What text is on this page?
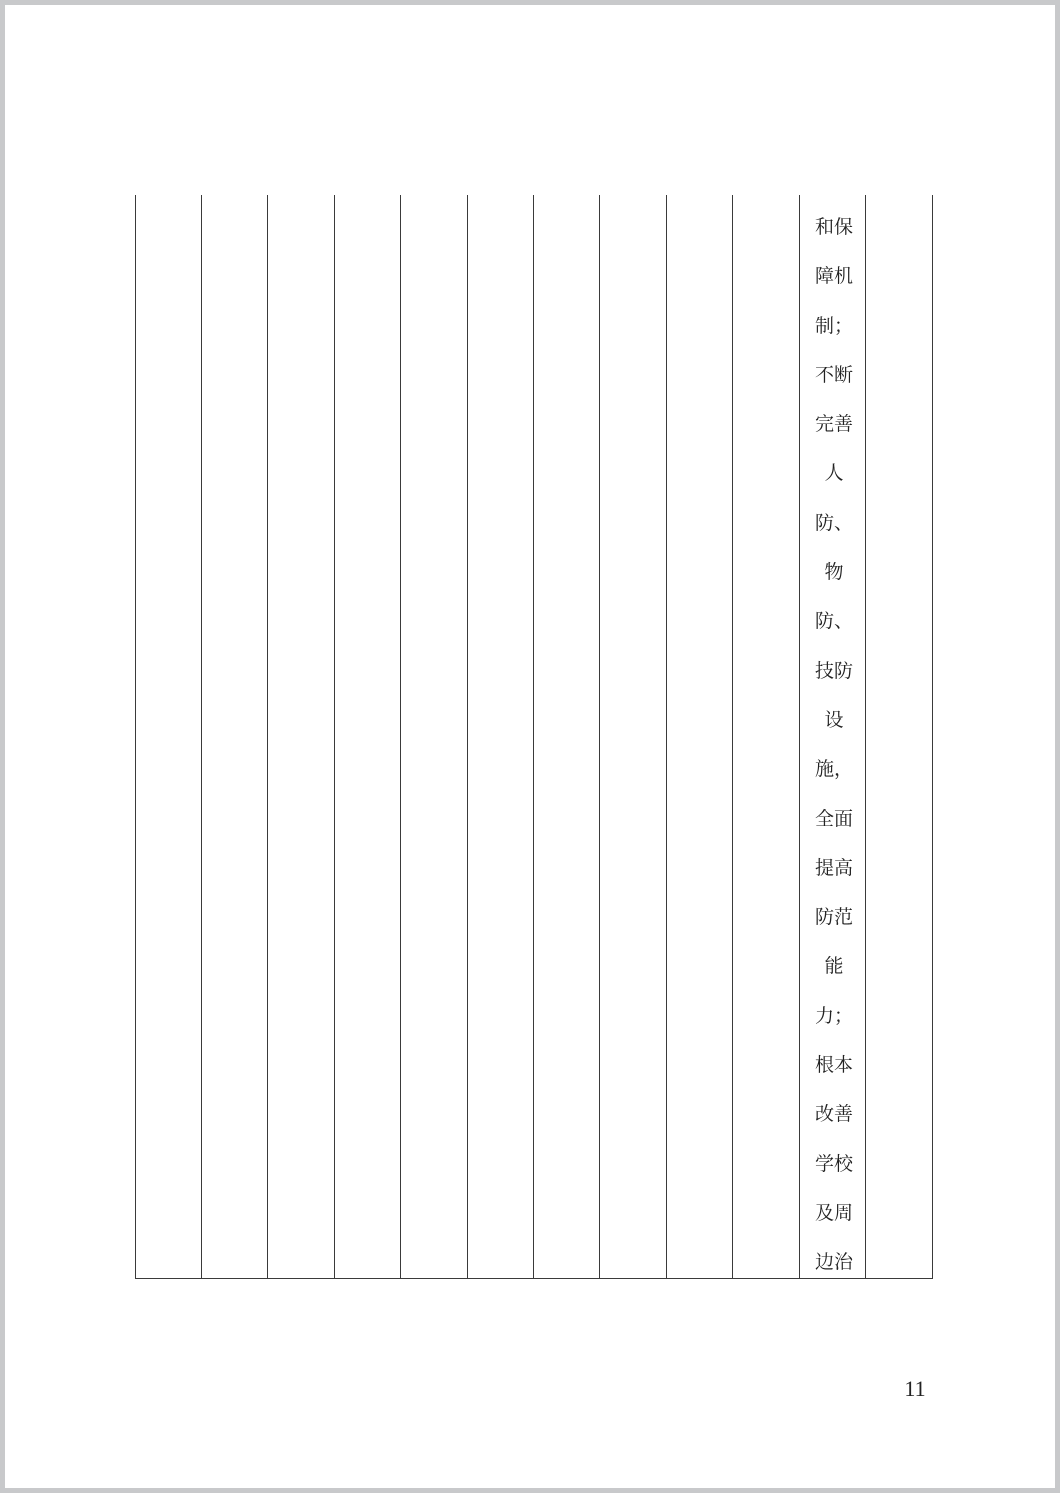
和保
障机
制；
不断
完善
人
防、
物
防、
技防
设
施，
全面
提高
防范
能
力；
根本
改善
学校
及周
边治
11
